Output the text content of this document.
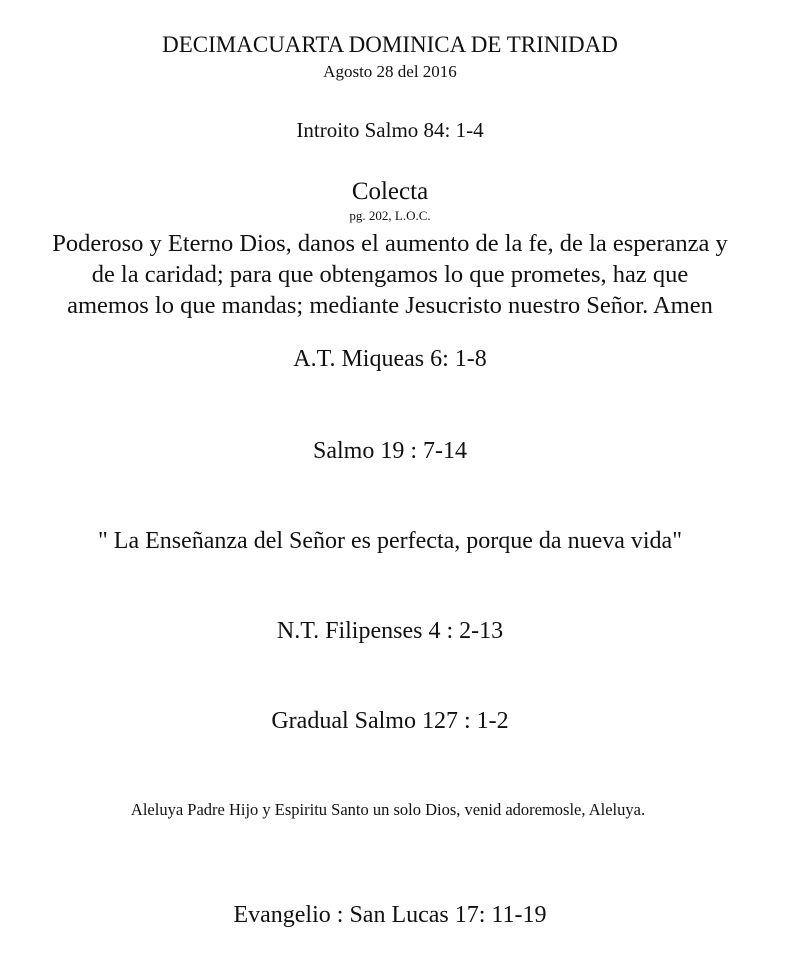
DECIMACUARTA DOMINICA DE TRINIDAD
Agosto 28 del 2016
Introito Salmo 84: 1-4
Colecta
pg. 202, L.O.C.
Poderoso y Eterno Dios, danos el aumento de la fe, de la esperanza y
de la caridad; para que obtengamos lo que prometes, haz que
amemos lo que mandas; mediante Jesucristo nuestro Señor. Amen
A.T. Miqueas 6: 1-8
Salmo 19 : 7-14
" La Enseñanza del Señor es perfecta, porque da nueva vida"
N.T. Filipenses 4 : 2-13
Gradual Salmo 127 : 1-2
Aleluya Padre Hijo y Espiritu Santo un solo Dios, venid adoremosle, Aleluya.
Evangelio : San Lucas 17: 11-19
